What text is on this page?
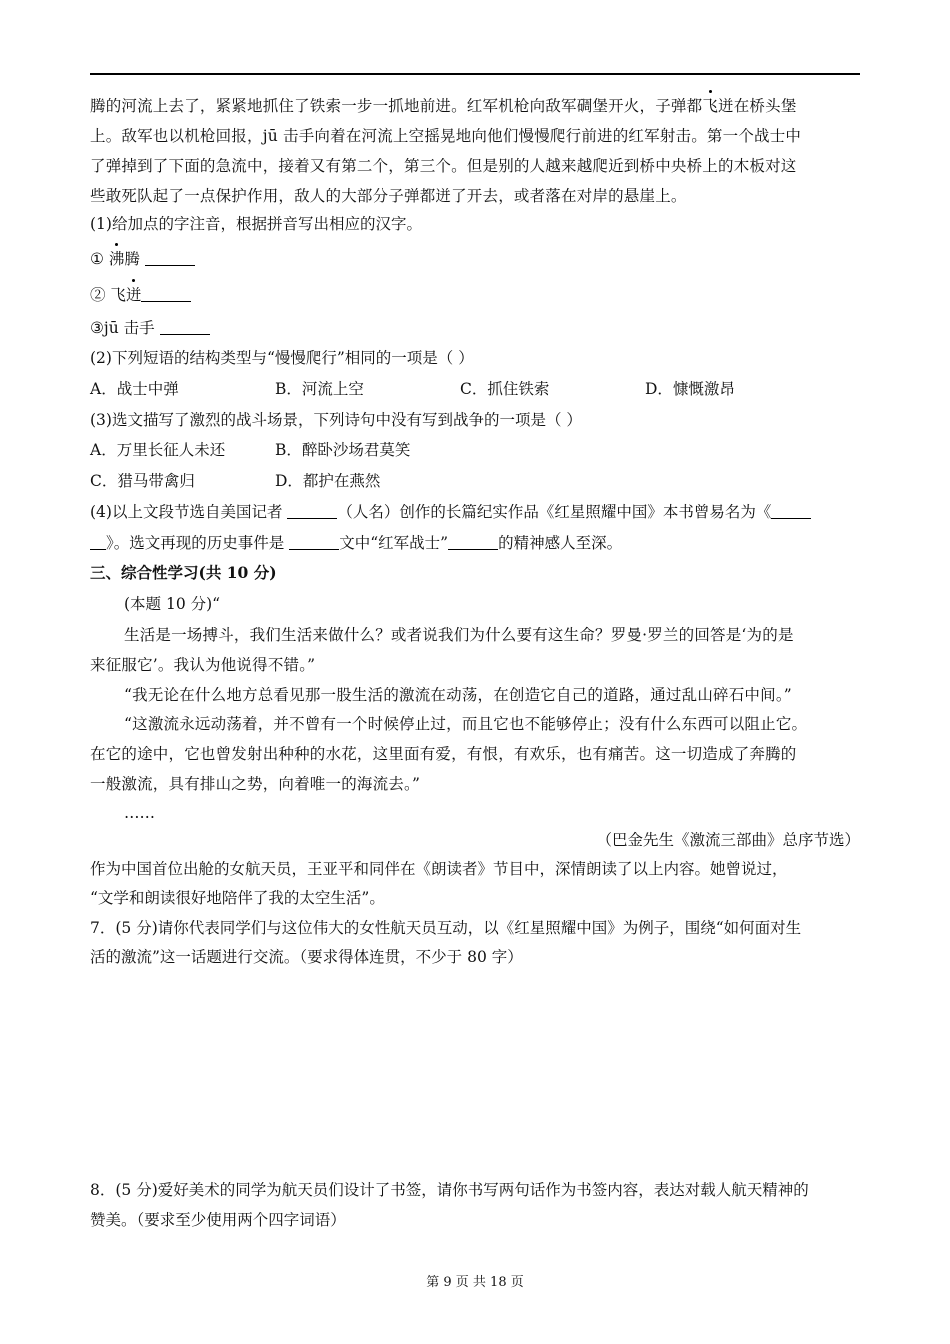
腾的河流上去了，紧紧地抓住了铁索一步一抓地前进。红军机枪向敌军碉堡开火，子弹都飞迸在桥头堡
上。敌军也以机枪回报，jū 击手向着在河流上空摇晃地向他们慢慢爬行前进的红军射击。第一个战士中
了弹掉到了下面的急流中，接着又有第二个，第三个。但是别的人越来越爬近到桥中央桥上的木板对这
些敢死队起了一点保护作用，敌人的大部分子弹都迸了开去，或者落在对岸的悬崖上。
(1)给加点的字注音，根据拼音写出相应的汉字。
① 沸腾
② 飞迸
③jū 击手
(2)下列短语的结构类型与“慢慢爬行”相同的一项是（ ）
A．战士中弹	B．河流上空	C．抓住铁索	D．慷慨激昂
(3)选文描写了激烈的战斗场景，下列诗句中没有写到战争的一项是（ ）
A．万里长征人未还	B．醉卧沙场君莫笑
C．猎马带禽归	D．都护在燕然
(4)以上文段节选自美国记者	（人名）创作的长篇纪实作品《红星照耀中国》本书曾易名为《
》。选文再现的历史事件是	文中“红军战士”	的精神感人至深。
三、综合性学习(共 10 分)
(本题 10 分)“
生活是一场搏斗，我们生活来做什么？或者说我们为什么要有这生命？罗曼·罗兰的回答是‘为的是
来征服它’。我认为他说得不错。”
“我无论在什么地方总看见那一股生活的激流在动荡，在创造它自己的道路，通过乱山碎石中间。”
“这激流永远动荡着，并不曾有一个时候停止过，而且它也不能够停止；没有什么东西可以阻止它。
在它的途中，它也曾发射出种种的水花，这里面有爱，有恨，有欢乐，也有痛苦。这一切造成了奔腾的
一般激流，具有排山之势，向着唯一的海流去。”
……
（巴金先生《激流三部曲》总序节选）
作为中国首位出舱的女航天员，王亚平和同伴在《朗读者》节目中，深情朗读了以上内容。她曾说过，
“文学和朗读很好地陪伴了我的太空生活”。
7．(5 分)请你代表同学们与这位伟大的女性航天员互动，以《红星照耀中国》为例子，围绕“如何面对生
活的激流”这一话题进行交流。（要求得体连贯，不少于 80 字）
8．(5 分)爱好美术的同学为航天员们设计了书签，请你书写两句话作为书签内容，表达对载人航天精神的
赞美。（要求至少使用两个四字词语）
第 9 页 共 18 页
